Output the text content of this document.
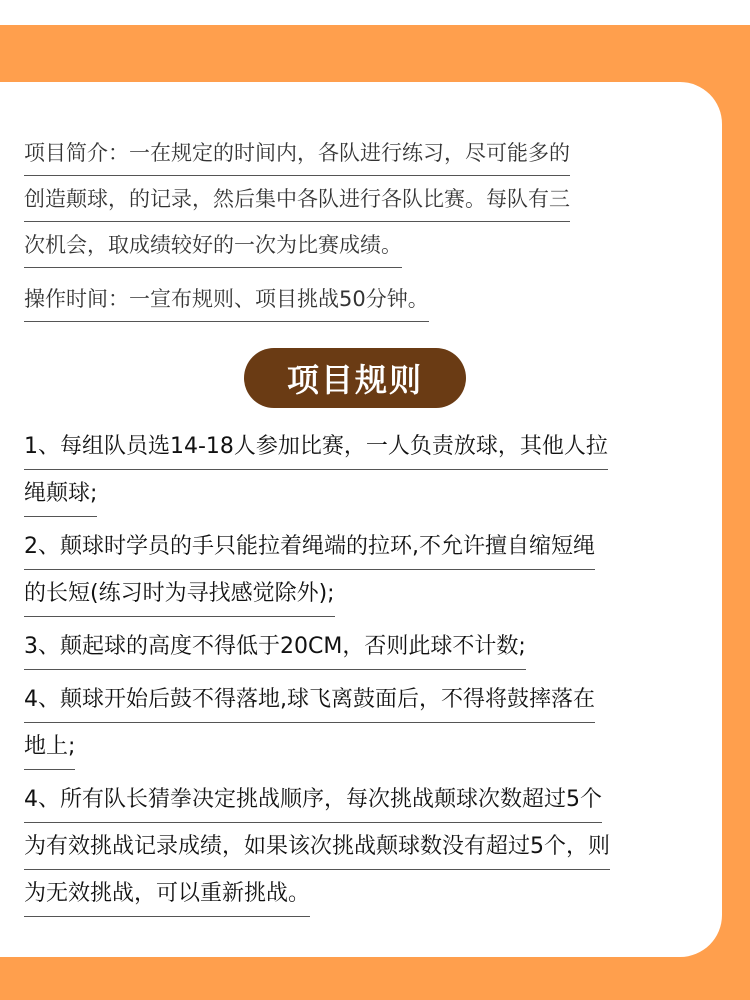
项目简介：一在规定的时间内，各队进行练习，尽可能多的
创造颠球，的记录，然后集中各队进行各队比赛。每队有三
次机会，取成绩较好的一次为比赛成绩。
操作时间：一宣布规则、项目挑战50分钟。
项目规则
1、每组队员选14-18人参加比赛，一人负责放球，其他人拉
绳颠球;
2、颠球时学员的手只能拉着绳端的拉环,不允许擅自缩短绳
的长短(练习时为寻找感觉除外);
3、颠起球的高度不得低于20CM，否则此球不计数;
4、颠球开始后鼓不得落地,球飞离鼓面后，不得将鼓摔落在
地上;
4、所有队长猜拳决定挑战顺序，每次挑战颠球次数超过5个
为有效挑战记录成绩，如果该次挑战颠球数没有超过5个，则
为无效挑战，可以重新挑战。
